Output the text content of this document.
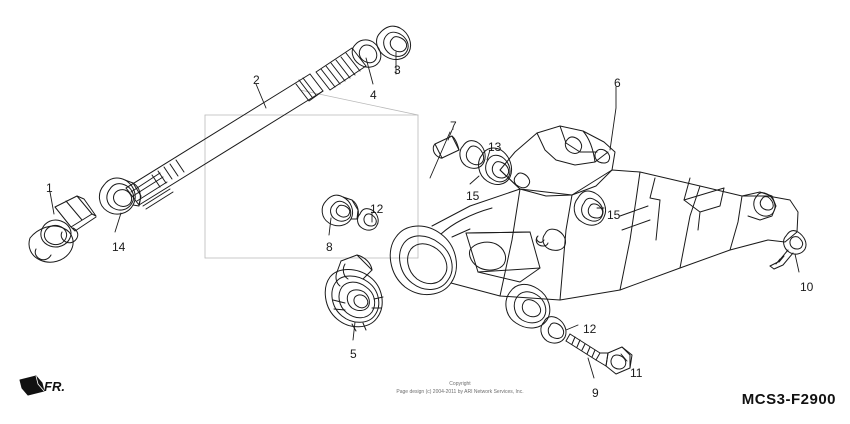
1
2
3
4
5
6
7
8
9
10
11
12
12
13
14
15
15
FR.	Copyright
Page design (c) 2004-2011 by ARI Network Services, Inc.	MCS3-F2900
